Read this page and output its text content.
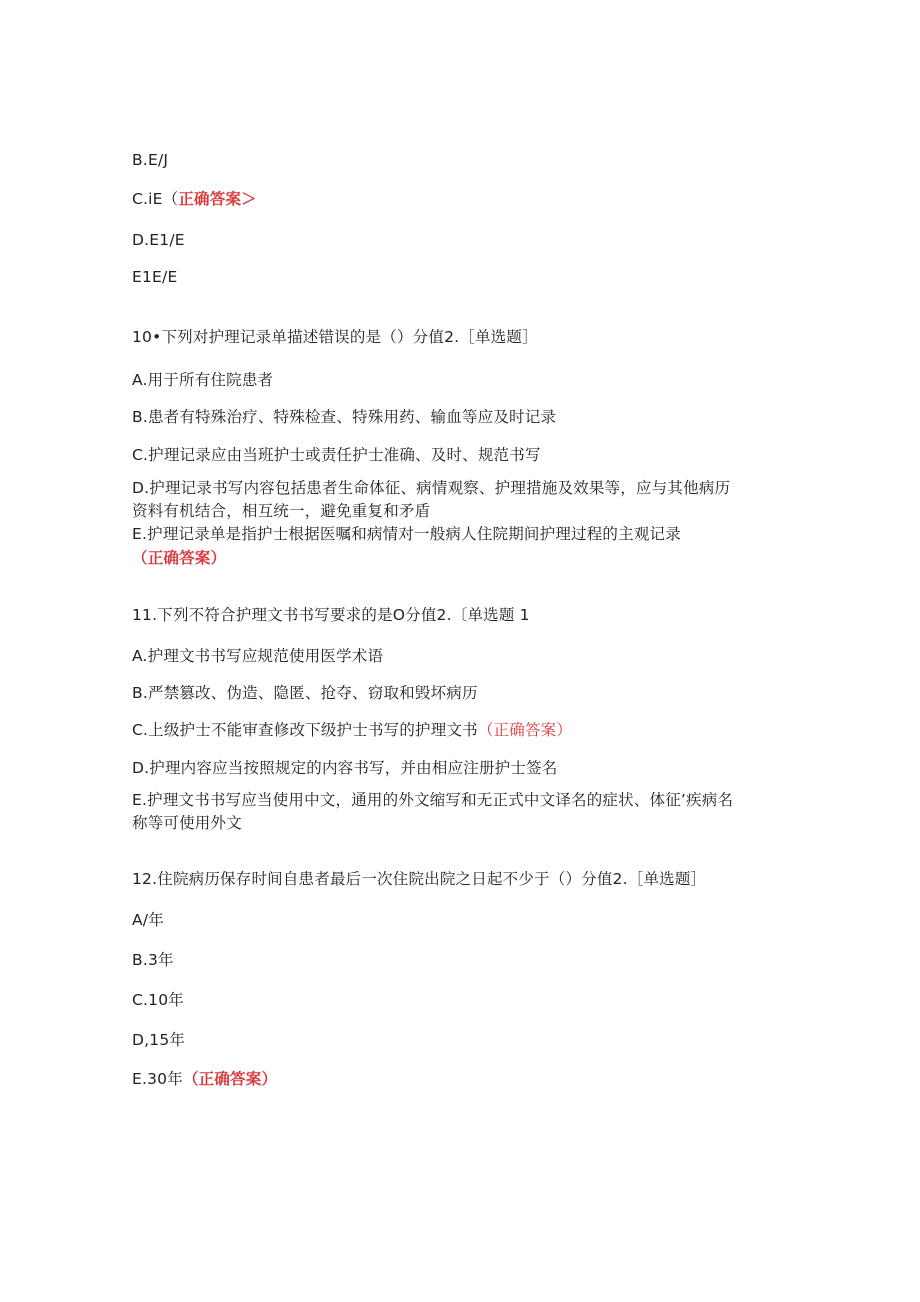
B.E/J
C.ⅰE（正确答案＞
D.E1/E
E1E/E
10•下列对护理记录单描述错误的是（）分值2.［单选题］
A.用于所有住院患者
B.患者有特殊治疗、特殊检查、特殊用药、输血等应及时记录
C.护理记录应由当班护士或责任护士准确、及时、规范书写
D.护理记录书写内容包括患者生命体征、病情观察、护理措施及效果等，应与其他病历
资料有机结合，相互统一，避免重复和矛盾
E.护理记录单是指护士根据医嘱和病情对一般病人住院期间护理过程的主观记录
（正确答案）
11.下列不符合护理文书书写要求的是O分值2.〔单选题 1
A.护理文书书写应规范使用医学术语
B.严禁篡改、伪造、隐匿、抢夺、窃取和毁坏病历
C.上级护士不能审查修改下级护士书写的护理文书（正确答案）
D.护理内容应当按照规定的内容书写，并由相应注册护士签名
E.护理文书书写应当使用中文，通用的外文缩写和无正式中文译名的症状、体征’疾病名
称等可使用外文
12.住院病历保存时间自患者最后一次住院出院之日起不少于（）分值2.［单选题］
A/年
B.3年
C.10年
D,15年
E.30年（正确答案）
